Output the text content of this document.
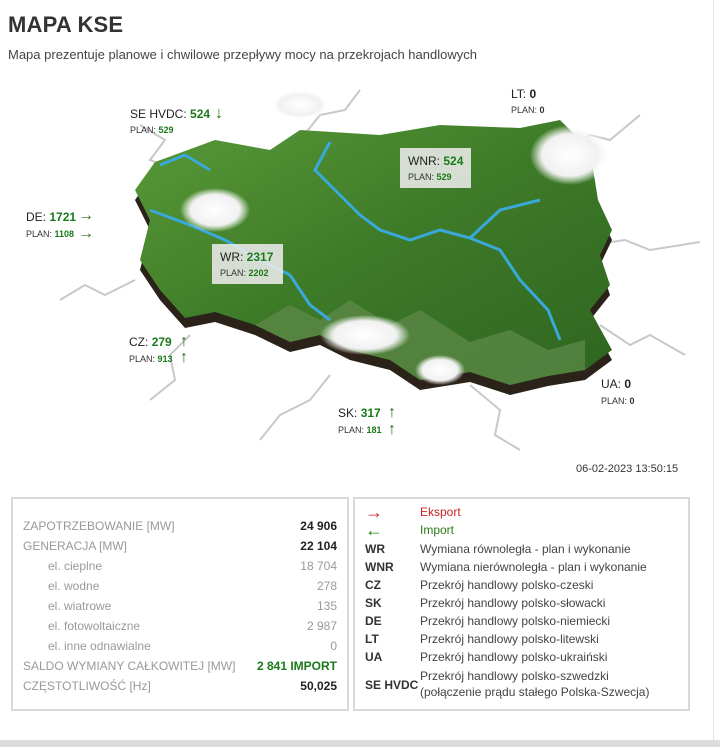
MAPA KSE
Mapa prezentuje planowe i chwilowe przepływy mocy na przekrojach handlowych
SE HVDC: 524 ↓
PLAN: 529
LT: 0
PLAN: 0
WNR: 524
PLAN: 529
DE: 1721 →
PLAN: 1108 →
WR: 2317
PLAN: 2202
CZ: 279 ↑
PLAN: 913 ↑
UA: 0
PLAN: 0
SK: 317 ↑
PLAN: 181 ↑
06-02-2023 13:50:15
ZAPOTRZEBOWANIE [MW]	24 906
GENERACJA [MW]	22 104
el. cieplne	18 704
el. wodne	278
el. wiatrowe	135
el. fotowoltaiczne	2 987
el. inne odnawialne	0
SALDO WYMIANY CAŁKOWITEJ [MW] 2 841 IMPORT
CZĘSTOTLIWOŚĆ [Hz]	50,025
→	Eksport
←	Import
WR	Wymiana równoległa - plan i wykonanie
WNR Wymiana nierównoległa - plan i wykonanie
CZ	Przekrój handlowy polsko-czeski
SK	Przekrój handlowy polsko-słowacki
DE	Przekrój handlowy polsko-niemiecki
LT	Przekrój handlowy polsko-litewski
UA	Przekrój handlowy polsko-ukraiński
SE HVDC
Przekrój handlowy polsko-szwedzki
(połączenie prądu stałego Polska-Szwecja)
